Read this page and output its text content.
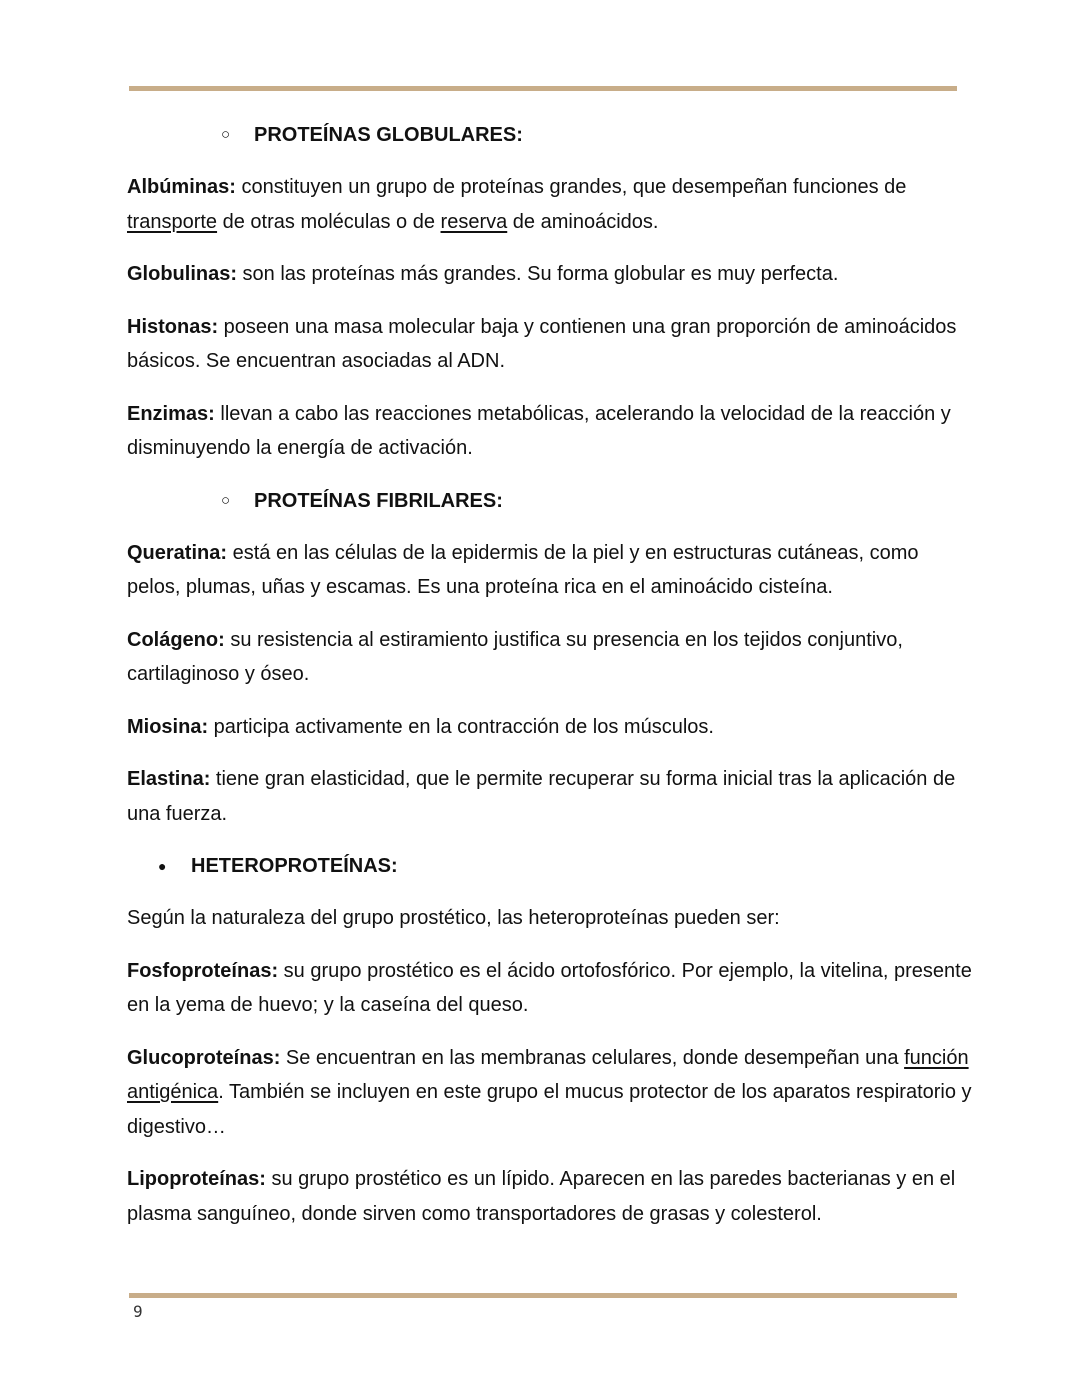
○	PROTEÍNAS GLOBULARES:

Albúminas: constituyen un grupo de proteínas grandes, que desempeñan funciones de transporte de otras moléculas o de reserva de aminoácidos.

Globulinas: son las proteínas más grandes. Su forma globular es muy perfecta.

Histonas: poseen una masa molecular baja y contienen una gran proporción de aminoácidos básicos. Se encuentran asociadas al ADN.

Enzimas: llevan a cabo las reacciones metabólicas, acelerando la velocidad de la reacción y disminuyendo la energía de activación.

○	PROTEÍNAS FIBRILARES:

Queratina: está en las células de la epidermis de la piel y en estructuras cutáneas, como pelos, plumas, uñas y escamas. Es una proteína rica en el aminoácido cisteína.

Colágeno: su resistencia al estiramiento justifica su presencia en los tejidos conjuntivo, cartilaginoso y óseo.

Miosina: participa activamente en la contracción de los músculos.

Elastina: tiene gran elasticidad, que le permite recuperar su forma inicial tras la aplicación de una fuerza.

●	HETEROPROTEÍNAS:

Según la naturaleza del grupo prostético, las heteroproteínas pueden ser:

Fosfoproteínas: su grupo prostético es el ácido ortofosfórico. Por ejemplo, la vitelina, presente en la yema de huevo; y la caseína del queso.

Glucoproteínas: Se encuentran en las membranas celulares, donde desempeñan una función antigénica. También se incluyen en este grupo el mucus protector de los aparatos respiratorio y digestivo…

Lipoproteínas: su grupo prostético es un lípido. Aparecen en las paredes bacterianas y en el plasma sanguíneo, donde sirven como transportadores de grasas y colesterol.

9
